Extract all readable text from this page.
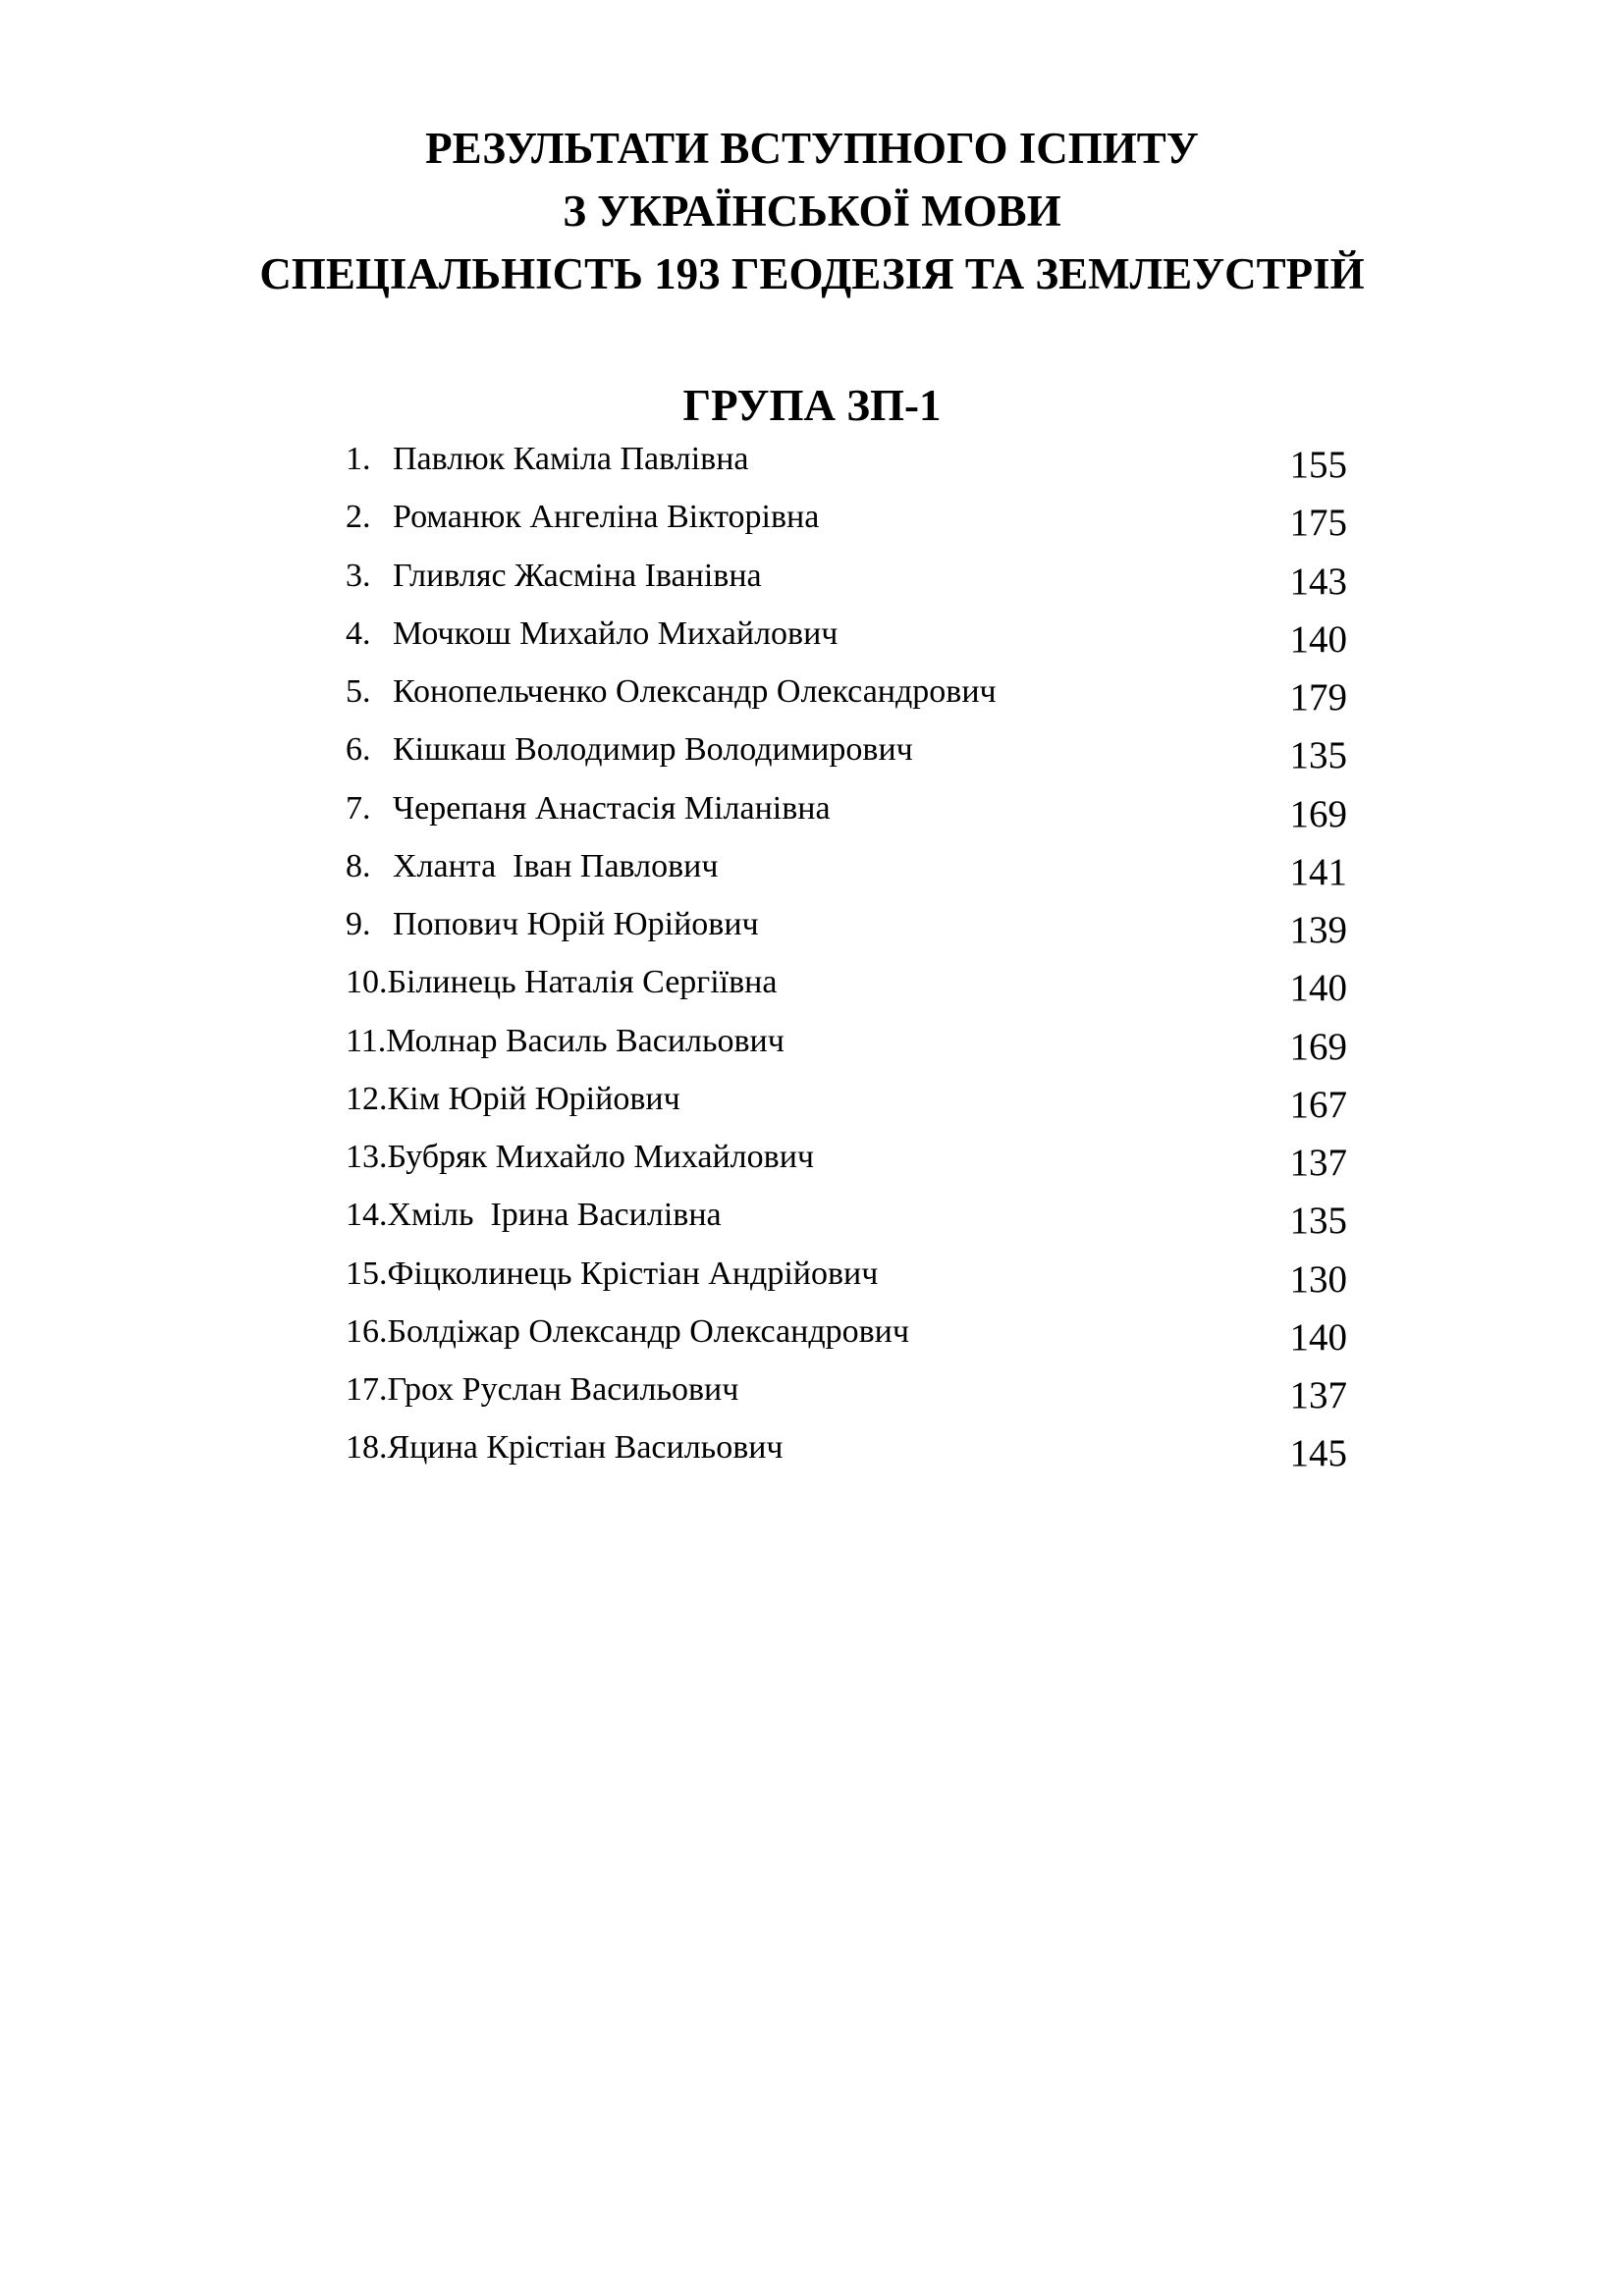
РЕЗУЛЬТАТИ ВСТУПНОГО ІСПИТУ
З УКРАЇНСЬКОЇ МОВИ
СПЕЦІАЛЬНІСТЬ 193 ГЕОДЕЗІЯ ТА ЗЕМЛЕУСТРІЙ
ГРУПА ЗП-1
1. Павлюк Каміла Павлівна	155
2. Романюк Ангеліна Вікторівна	175
3. Гливляс Жасміна Іванівна	143
4. Мочкош Михайло Михайлович	140
5. Конопельченко Олександр Олександрович	179
6. Кішкаш Володимир Володимирович	135
7. Черепаня Анастасія Міланівна	169
8. Хланта  Іван Павлович	141
9. Попович Юрій Юрійович	139
10. Білинець Наталія Сергіївна	140
11. Молнар Василь Васильович	169
12. Кім Юрій Юрійович	167
13. Бубряк Михайло Михайлович	137
14. Хміль  Ірина Василівна	135
15. Фіцколинець Крістіан Андрійович	130
16. Болдіжар Олександр Олександрович	140
17. Грох Руслан Васильович	137
18. Яцина Крістіан Васильович	145
